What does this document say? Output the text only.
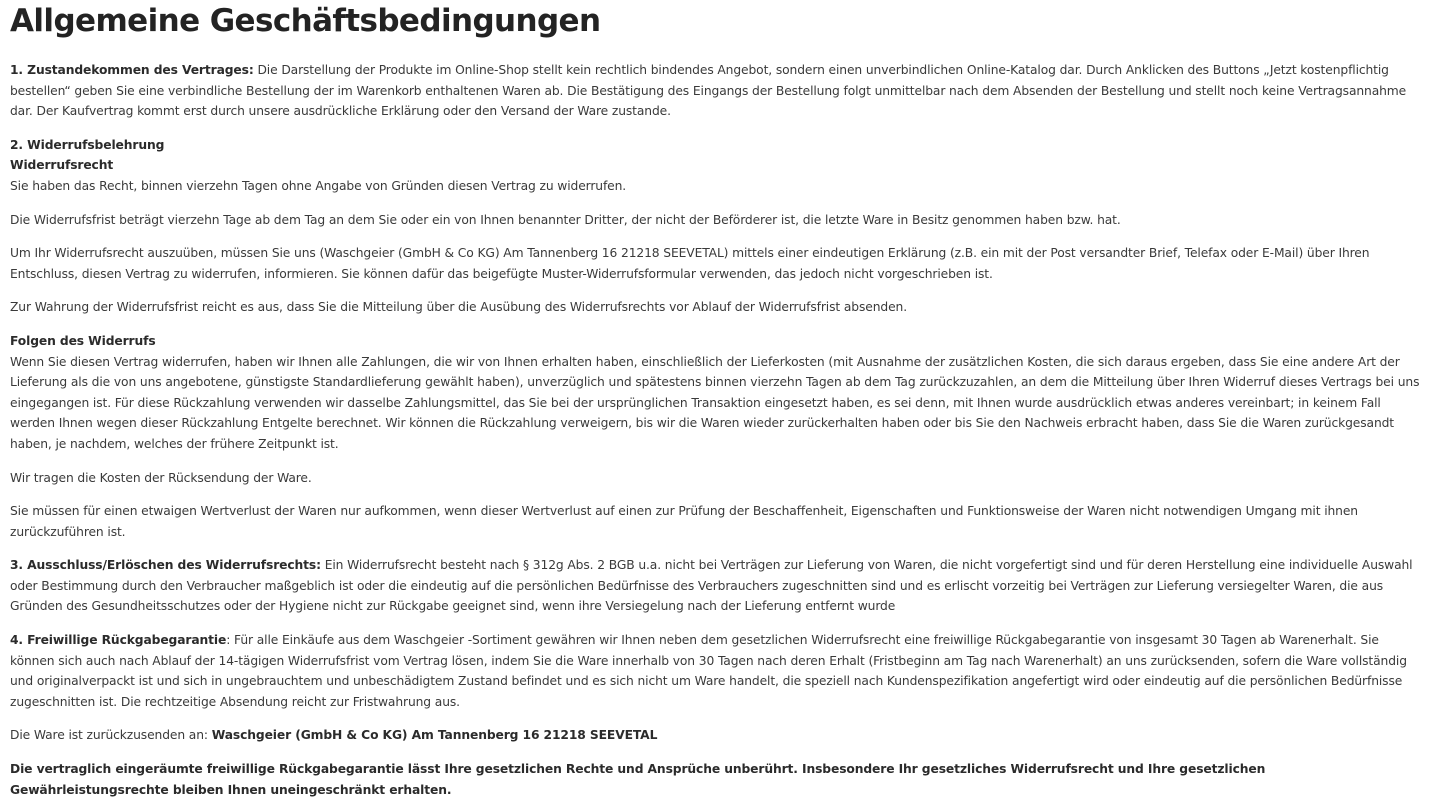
Allgemeine Geschäftsbedingungen

1. Zustandekommen des Vertrages: Die Darstellung der Produkte im Online-Shop stellt kein rechtlich bindendes Angebot, sondern einen unverbindlichen Online-Katalog dar. Durch Anklicken des Buttons „Jetzt kostenpflichtig bestellen“ geben Sie eine verbindliche Bestellung der im Warenkorb enthaltenen Waren ab. Die Bestätigung des Eingangs der Bestellung folgt unmittelbar nach dem Absenden der Bestellung und stellt noch keine Vertragsannahme dar. Der Kaufvertrag kommt erst durch unsere ausdrückliche Erklärung oder den Versand der Ware zustande.

2. Widerrufsbelehrung
Widerrufsrecht
Sie haben das Recht, binnen vierzehn Tagen ohne Angabe von Gründen diesen Vertrag zu widerrufen.

Die Widerrufsfrist beträgt vierzehn Tage ab dem Tag an dem Sie oder ein von Ihnen benannter Dritter, der nicht der Beförderer ist, die letzte Ware in Besitz genommen haben bzw. hat.

Um Ihr Widerrufsrecht auszuüben, müssen Sie uns (Waschgeier (GmbH & Co KG) Am Tannenberg 16 21218 SEEVETAL) mittels einer eindeutigen Erklärung (z.B. ein mit der Post versandter Brief, Telefax oder E-Mail) über Ihren Entschluss, diesen Vertrag zu widerrufen, informieren. Sie können dafür das beigefügte Muster-Widerrufsformular verwenden, das jedoch nicht vorgeschrieben ist.

Zur Wahrung der Widerrufsfrist reicht es aus, dass Sie die Mitteilung über die Ausübung des Widerrufsrechts vor Ablauf der Widerrufsfrist absenden.

Folgen des Widerrufs
Wenn Sie diesen Vertrag widerrufen, haben wir Ihnen alle Zahlungen, die wir von Ihnen erhalten haben, einschließlich der Lieferkosten (mit Ausnahme der zusätzlichen Kosten, die sich daraus ergeben, dass Sie eine andere Art der Lieferung als die von uns angebotene, günstigste Standardlieferung gewählt haben), unverzüglich und spätestens binnen vierzehn Tagen ab dem Tag zurückzuzahlen, an dem die Mitteilung über Ihren Widerruf dieses Vertrags bei uns eingegangen ist. Für diese Rückzahlung verwenden wir dasselbe Zahlungsmittel, das Sie bei der ursprünglichen Transaktion eingesetzt haben, es sei denn, mit Ihnen wurde ausdrücklich etwas anderes vereinbart; in keinem Fall werden Ihnen wegen dieser Rückzahlung Entgelte berechnet. Wir können die Rückzahlung verweigern, bis wir die Waren wieder zurückerhalten haben oder bis Sie den Nachweis erbracht haben, dass Sie die Waren zurückgesandt haben, je nachdem, welches der frühere Zeitpunkt ist.

Wir tragen die Kosten der Rücksendung der Ware.

Sie müssen für einen etwaigen Wertverlust der Waren nur aufkommen, wenn dieser Wertverlust auf einen zur Prüfung der Beschaffenheit, Eigenschaften und Funktionsweise der Waren nicht notwendigen Umgang mit ihnen zurückzuführen ist.

3. Ausschluss/Erlöschen des Widerrufsrechts: Ein Widerrufsrecht besteht nach § 312g Abs. 2 BGB u.a. nicht bei Verträgen zur Lieferung von Waren, die nicht vorgefertigt sind und für deren Herstellung eine individuelle Auswahl oder Bestimmung durch den Verbraucher maßgeblich ist oder die eindeutig auf die persönlichen Bedürfnisse des Verbrauchers zugeschnitten sind und es erlischt vorzeitig bei Verträgen zur Lieferung versiegelter Waren, die aus Gründen des Gesundheitsschutzes oder der Hygiene nicht zur Rückgabe geeignet sind, wenn ihre Versiegelung nach der Lieferung entfernt wurde

4. Freiwillige Rückgabegarantie: Für alle Einkäufe aus dem Waschgeier -Sortiment gewähren wir Ihnen neben dem gesetzlichen Widerrufsrecht eine freiwillige Rückgabegarantie von insgesamt 30 Tagen ab Warenerhalt. Sie können sich auch nach Ablauf der 14-tägigen Widerrufsfrist vom Vertrag lösen, indem Sie die Ware innerhalb von 30 Tagen nach deren Erhalt (Fristbeginn am Tag nach Warenerhalt) an uns zurücksenden, sofern die Ware vollständig und originalverpackt ist und sich in ungebrauchtem und unbeschädigtem Zustand befindet und es sich nicht um Ware handelt, die speziell nach Kundenspezifikation angefertigt wird oder eindeutig auf die persönlichen Bedürfnisse zugeschnitten ist. Die rechtzeitige Absendung reicht zur Fristwahrung aus.

Die Ware ist zurückzusenden an: Waschgeier (GmbH & Co KG) Am Tannenberg 16 21218 SEEVETAL

Die vertraglich eingeräumte freiwillige Rückgabegarantie lässt Ihre gesetzlichen Rechte und Ansprüche unberührt. Insbesondere Ihr gesetzliches Widerrufsrecht und Ihre gesetzlichen Gewährleistungsrechte bleiben Ihnen uneingeschränkt erhalten.
